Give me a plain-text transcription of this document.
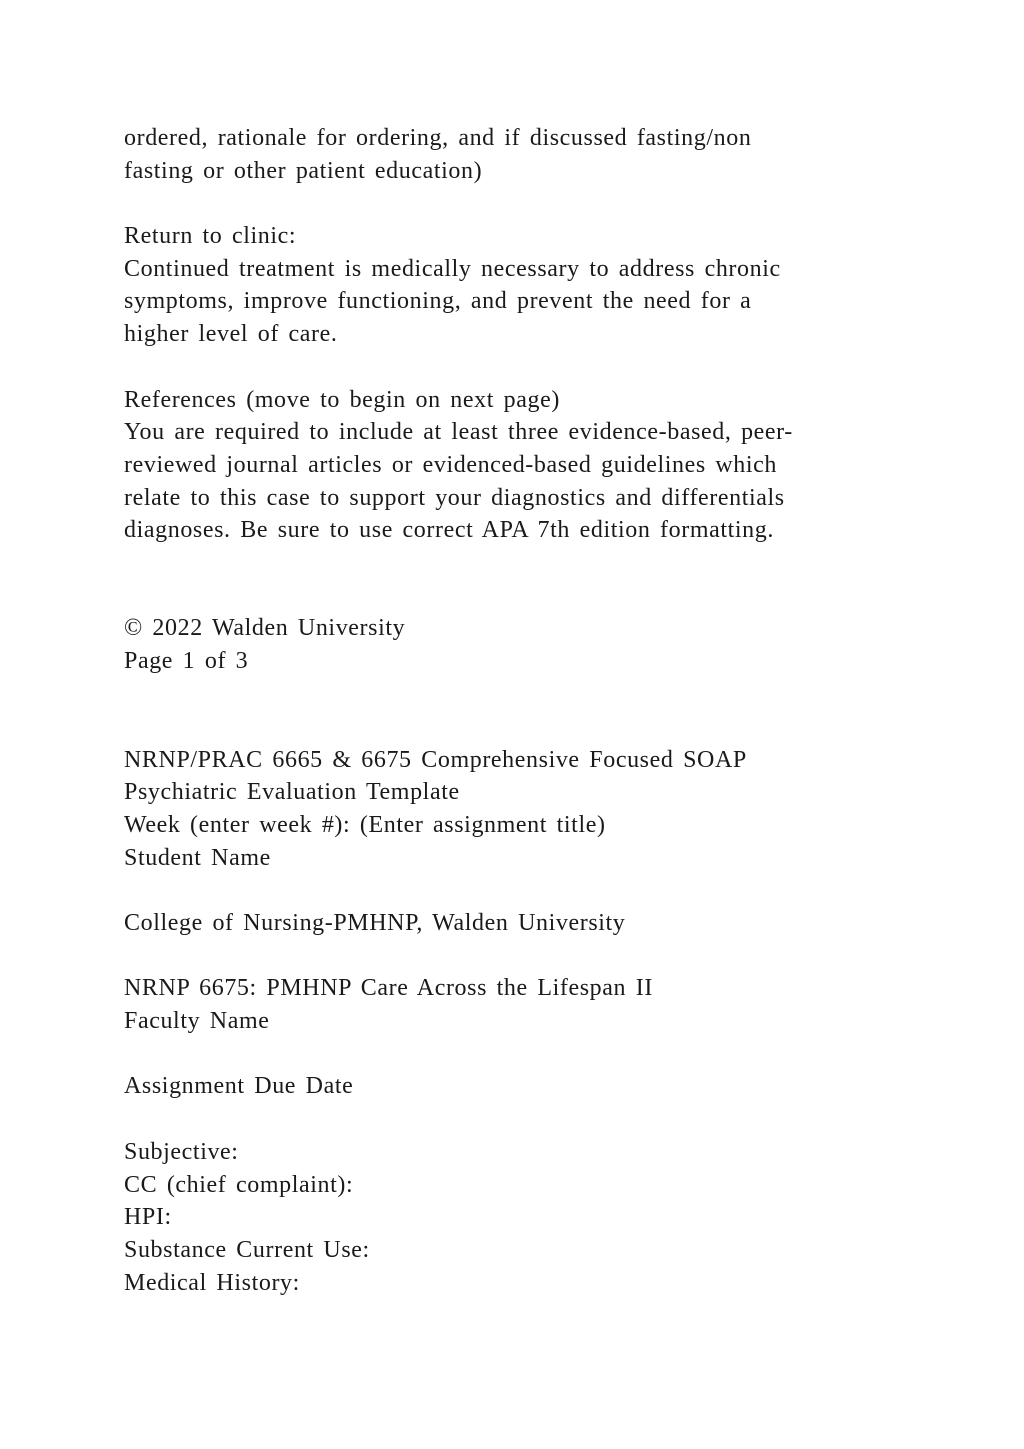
ordered, rationale for ordering, and if discussed fasting/non
fasting or other patient education)
Return to clinic:
Continued treatment is medically necessary to address chronic
symptoms, improve functioning, and prevent the need for a
higher level of care.
References (move to begin on next page)
You are required to include at least three evidence-based, peer-
reviewed journal articles or evidenced-based guidelines which
relate to this case to support your diagnostics and differentials
diagnoses. Be sure to use correct APA 7th edition formatting.
© 2022 Walden University
Page 1 of 3
NRNP/PRAC 6665 & 6675 Comprehensive Focused SOAP
Psychiatric Evaluation Template
Week (enter week #): (Enter assignment title)
Student Name
College of Nursing-PMHNP, Walden University
NRNP 6675: PMHNP Care Across the Lifespan II
Faculty Name
Assignment Due Date
Subjective:
CC (chief complaint):
HPI:
Substance Current Use:
Medical History:
